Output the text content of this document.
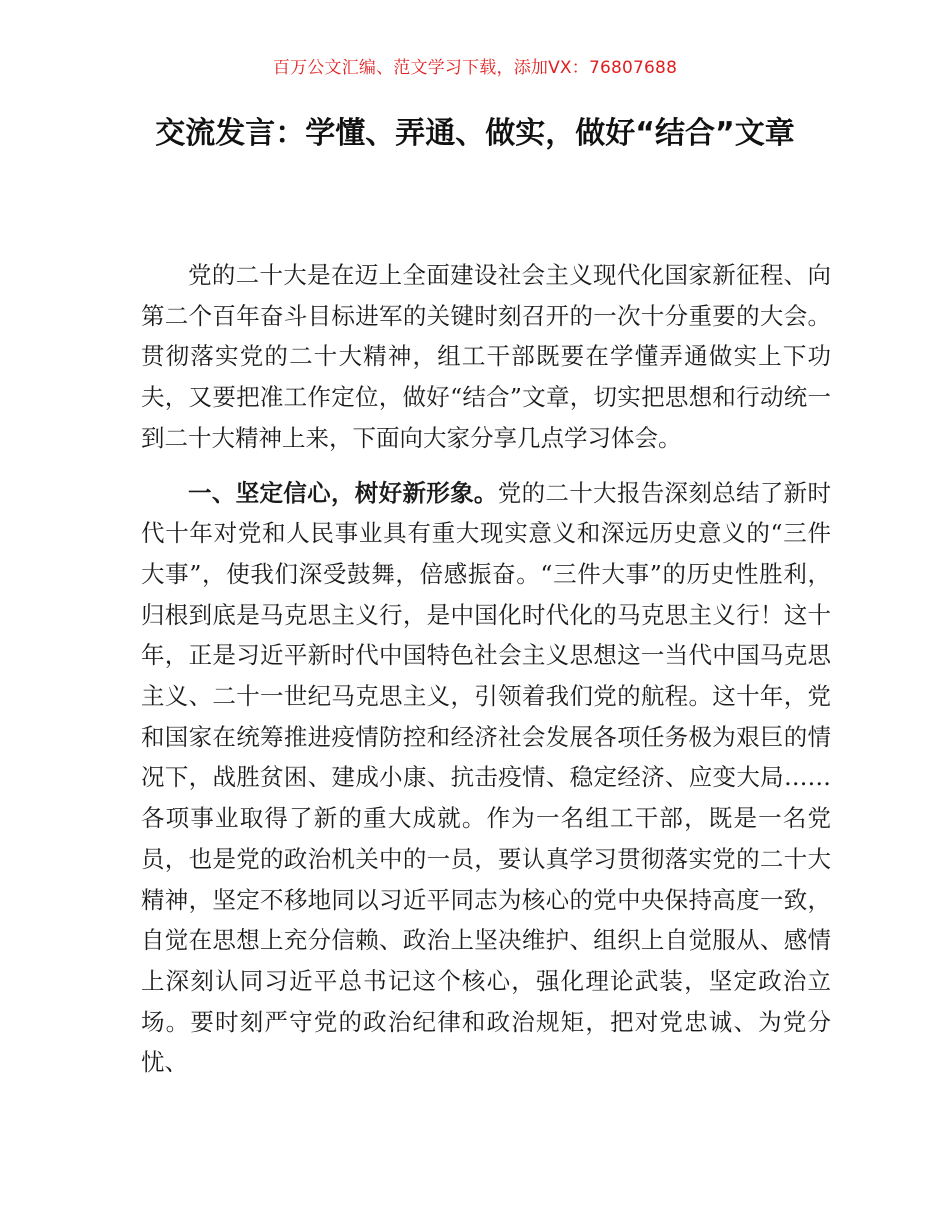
百万公文汇编、范文学习下载，添加VX：76807688
交流发言：学懂、弄通、做实，做好“结合”文章

党的二十大是在迈上全面建设社会主义现代化国家新征程、向第二个百年奋斗目标进军的关键时刻召开的一次十分重要的大会。贯彻落实党的二十大精神，组工干部既要在学懂弄通做实上下功夫，又要把准工作定位，做好“结合”文章，切实把思想和行动统一到二十大精神上来，下面向大家分享几点学习体会。

一、坚定信心，树好新形象。党的二十大报告深刻总结了新时代十年对党和人民事业具有重大现实意义和深远历史意义的“三件大事”，使我们深受鼓舞，倍感振奋。“三件大事”的历史性胜利，归根到底是马克思主义行，是中国化时代化的马克思主义行！这十年，正是习近平新时代中国特色社会主义思想这一当代中国马克思主义、二十一世纪马克思主义，引领着我们党的航程。这十年，党和国家在统筹推进疫情防控和经济社会发展各项任务极为艰巨的情况下，战胜贫困、建成小康、抗击疫情、稳定经济、应变大局……各项事业取得了新的重大成就。作为一名组工干部，既是一名党员，也是党的政治机关中的一员，要认真学习贯彻落实党的二十大精神，坚定不移地同以习近平同志为核心的党中央保持高度一致，自觉在思想上充分信赖、政治上坚决维护、组织上自觉服从、感情上深刻认同习近平总书记这个核心，强化理论武装，坚定政治立场。要时刻严守党的政治纪律和政治规矩，把对党忠诚、为党分忧、
